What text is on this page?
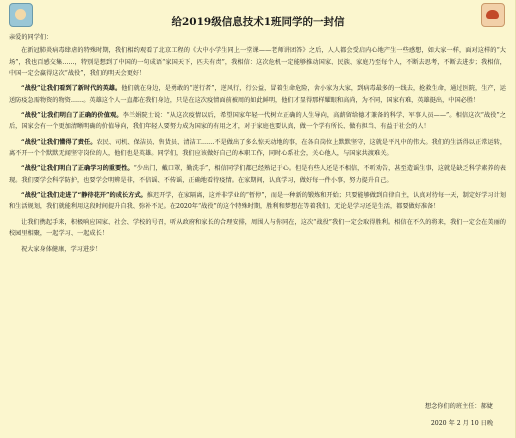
给2019级信息技术1班同学的一封信

亲爱的同学们：

在新冠肺炎病毒肆虐的特殊时期，我们相约观看了北京工程的《大中小学生同上一堂课——老师讲团答》之后，人人都会受启内心地产生一些感想，如大家一样，面对这样的“大场”，我也百感交集……，特别是想到了中国的一句成语“家国天下，匹夫有责”，我相信：这次危机一定能够推动国家、民族、家庭乃至每个人，不断去思考，不断去进步；我相信，中国一定会赢得这次“战役”，我们的明天会更好！

“战役”让我们看到了新时代的英雄。他们就在身边，是勇敢的“逆行者”，逆风行，行公益，冒着生命危险，舍小家为大家，到病毒最多的一线去，抢救生命，通过医院，生产，运送防疫急需物资的物资……。英雄这个人一直都在我们身边，只是在这次疫情面前被周的如此鲜明，他们才显得那样耀眼和高尚，为不同，国家有难，英雄挺出，中国必胜！

“战役”让我们明白了正确的价值观。李兰娟院士说：“从这次疫情以后，希望国家年轻一代树立正确的人生导向，高薪留给德才兼备的科学、军事人员——”。相信这次“战役”之后，国家会有一个更加清晰明确的价值导向，我们年轻人要努力成为国家的有用之才，对于家庭也要认真，做一个学有所长、做有担当、有益于社会的人！

“战役”让我们懂得了责任。农民、司机、保洁员、售货员、清洁工……不是做出了多么惊天动地的事，在各自岗位上默默坚守，这就是平凡中的伟大。我们的生活得以正常运转，离不开一个个默默无闻坚守岗位的人，他们也是英雄。同学们，我们应该做好自己的本职工作，同时心系社会，关心他人，与国家共渡难关。

“战役”让我们明白了正确学习的重要性。“少出门，戴口罩，勤洗手”，相信同学们都已经熟记于心。但是有些人还是不相信，不听劝告，甚至造谣生事，这就是缺乏科学素养的表现。我们要学会科学防护，也要学会明辨是非，不信谣、不传谣，正确地看待疫情。在家期间，认真学习，做好每一件小事，努力提升自己。

“战役”让我们走进了“静待花开”的成长方式。推迟开学，在家隔离，这并非学业的“暂停”，而是一种新的锻炼和开始；只要能够做到自律自主，认真对待每一天，制定好学习计划和生活规划，我们就能利用这段时间提升自我、弥补不足。在2020年“战役”的这个特殊时期，胜利和梦想在等着我们，无论是学习还是生活，都要做好准备！

让我们携起手来，积极响应国家、社会、学校的号召，听从政府和家长的合理安排，周围人与你同在，这次“战役”我们一定会取得胜利。相信在不久的将来，我们一定会在美丽的校园里相聚，一起学习、一起成长！

祝大家身体健康，学习进步！

想念你们的班主任：郝婕
2020 年 2 月 10 日晚
